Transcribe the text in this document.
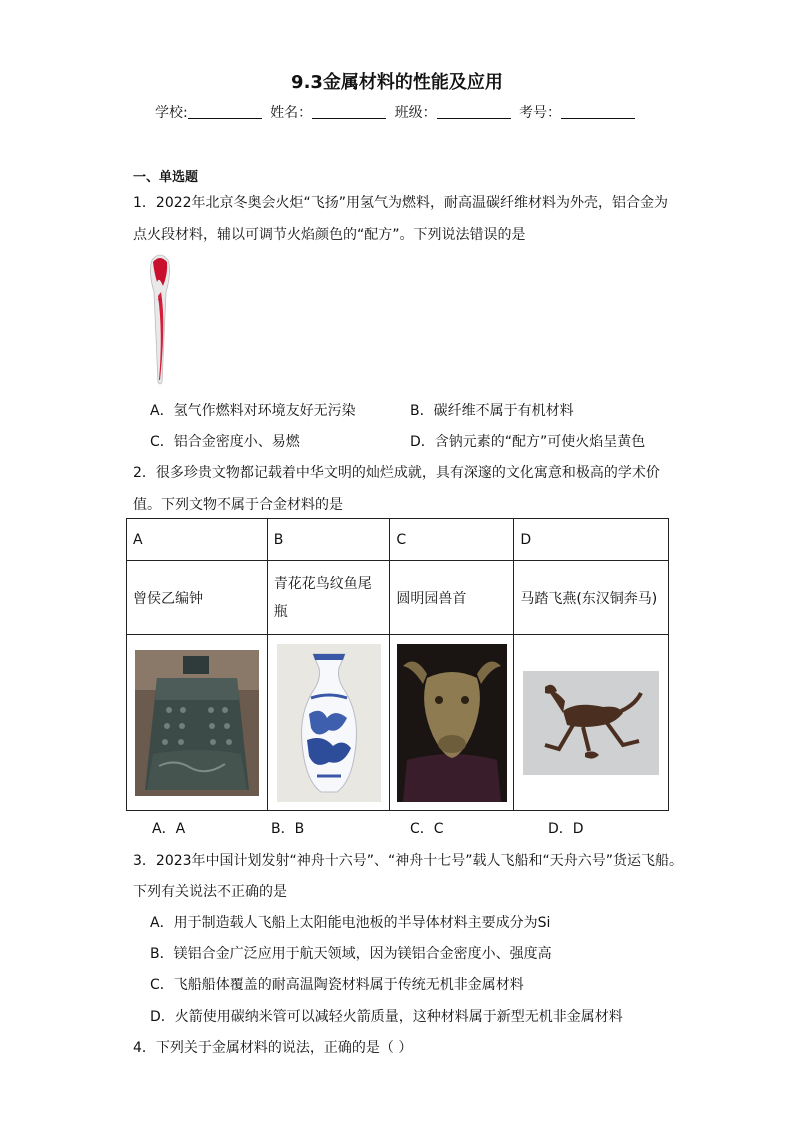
9.3金属材料的性能及应用
学校:	姓名：	班级：	考号：
一、单选题
1．2022年北京冬奥会火炬“飞扬”用氢气为燃料，耐高温碳纤维材料为外壳，铝合金为
点火段材料，辅以可调节火焰颜色的“配方”。下列说法错误的是
✦
A．氢气作燃料对环境友好无污染	B．碳纤维不属于有机材料
C．铝合金密度小、易燃	D．含钠元素的“配方”可使火焰呈黄色
2．很多珍贵文物都记载着中华文明的灿烂成就，具有深邃的文化寓意和极高的学术价
值。下列文物不属于合金材料的是
A	B	C	D
曾侯乙编钟	青花花鸟纹鱼尾瓶	圆明园兽首	马踏飞燕(东汉铜奔马)

A．A	B．B	C．C	D．D
3．2023年中国计划发射“神舟十六号”、“神舟十七号”载人飞船和“天舟六号”货运飞船。
下列有关说法不正确的是
A．用于制造载人飞船上太阳能电池板的半导体材料主要成分为Si
B．镁铝合金广泛应用于航天领域，因为镁铝合金密度小、强度高
C．飞船船体覆盖的耐高温陶瓷材料属于传统无机非金属材料
D．火箭使用碳纳米管可以减轻火箭质量，这种材料属于新型无机非金属材料
4．下列关于金属材料的说法，正确的是（ ）
